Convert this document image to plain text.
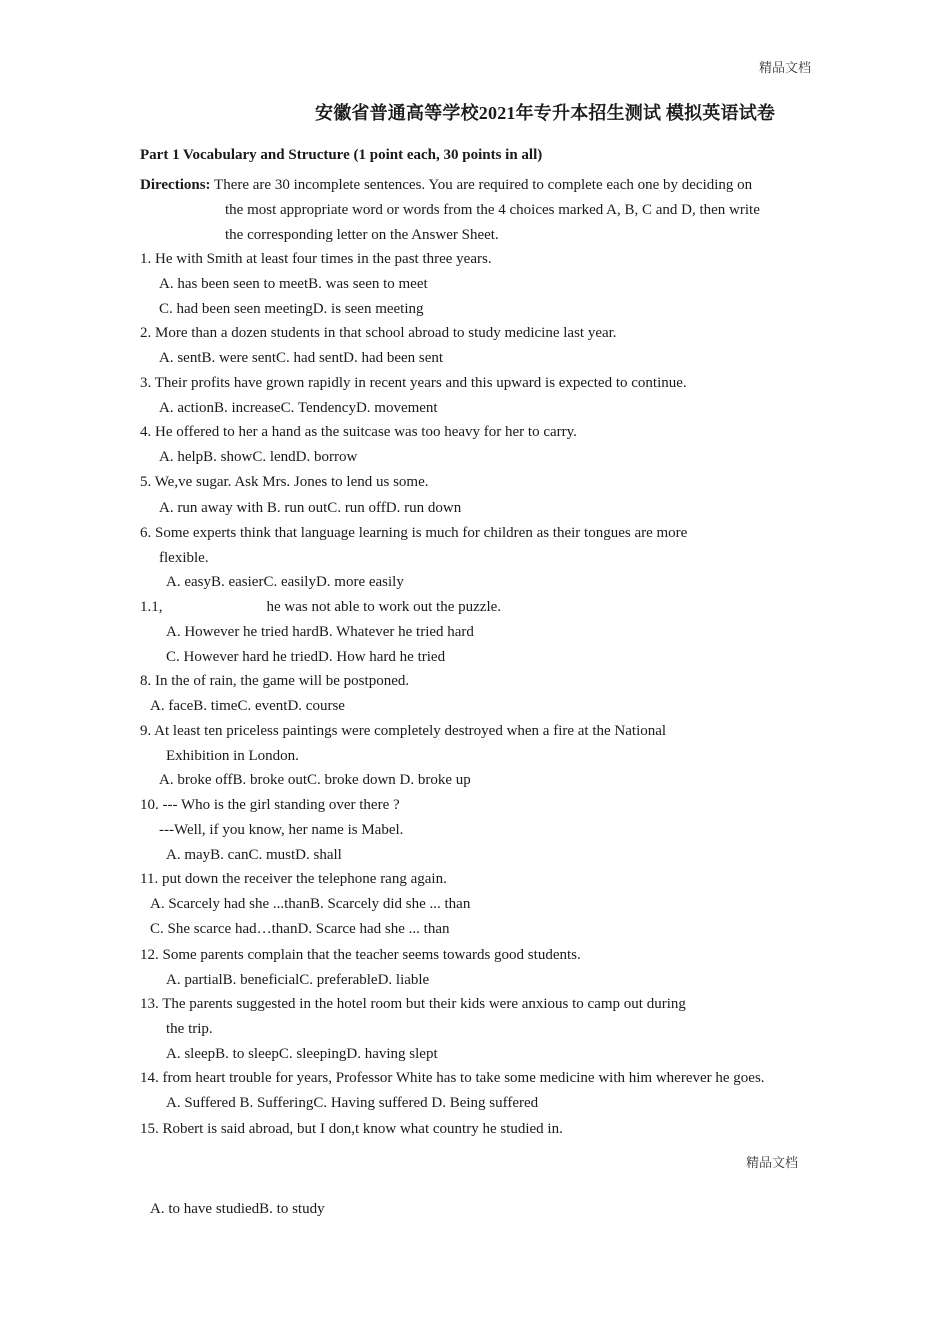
精品文档
安徽省普通高等学校2021年专升本招生测试 模拟英语试卷
Part 1 Vocabulary and Structure (1 point each, 30 points in all)
Directions: There are 30 incomplete sentences. You are required to complete each one by deciding on
the most appropriate word or words from the 4 choices marked A, B, C and D, then write
the corresponding letter on the Answer Sheet.
1. He with Smith at least four times in the past three years.
A. has been seen to meetB. was seen to meet
C. had been seen meetingD. is seen meeting
2. More than a dozen students in that school abroad to study medicine last year.
A. sentB. were sentC. had sentD. had been sent
3. Their profits have grown rapidly in recent years and this upward is expected to continue.
A. actionB. increaseC. TendencyD. movement
4. He offered to her a hand as the suitcase was too heavy for her to carry.
A. helpB. showC. lendD. borrow
5. We,ve sugar. Ask Mrs. Jones to lend us some.
A. run away with B. run outC. run offD. run down
6. Some experts think that language learning is much for children as their tongues are more
flexible.
A. easyB. easierC. easilyD. more easily
1.1,	he was not able to work out the puzzle.
A. However he tried hardB. Whatever he tried hard
C. However hard he triedD. How hard he tried
8. In the of rain, the game will be postponed.
A. faceB. timeC. eventD. course
9. At least ten priceless paintings were completely destroyed when a fire at the National
Exhibition in London.
A. broke offB. broke outC. broke down D. broke up
10. --- Who is the girl standing over there ?
---Well, if you know, her name is Mabel.
A. mayB. canC. mustD. shall
11. put down the receiver the telephone rang again.
A. Scarcely had she ...thanB. Scarcely did she ... than
C. She scarce had…thanD. Scarce had she ... than
12. Some parents complain that the teacher seems towards good students.
A. partialB. beneficialC. preferableD. liable
13. The parents suggested in the hotel room but their kids were anxious to camp out during
the trip.
A. sleepB. to sleepC. sleepingD. having slept
14. from heart trouble for years, Professor White has to take some medicine with him wherever he goes.
A. Suffered B. SufferingC. Having suffered D. Being suffered
15. Robert is said abroad, but I don,t know what country he studied in.
精品文档
A. to have studiedB. to study
